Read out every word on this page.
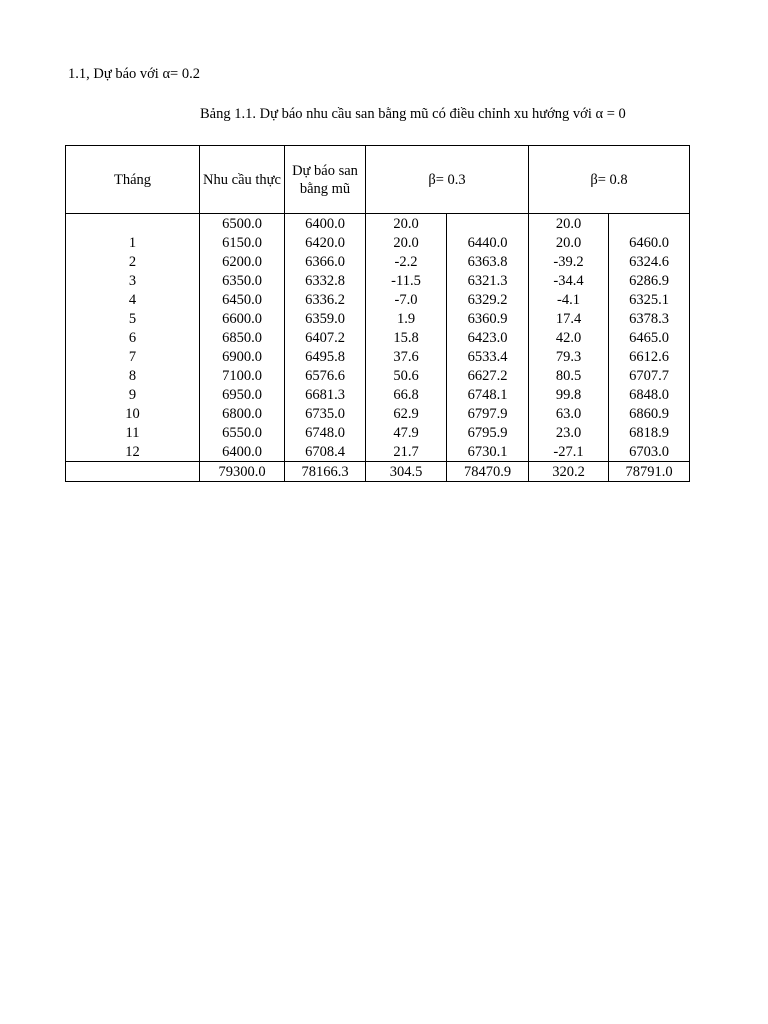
1.1, Dự báo với α= 0.2
Bảng 1.1. Dự báo nhu cầu san bằng mũ có điều chỉnh xu hướng với α = 0
Tháng	Nhu cầu thực	Dự báo san bằng mũ	β= 0.3		β= 0.8	
	6500.0	6400.0	20.0		20.0	
1	6150.0	6420.0	20.0	6440.0	20.0	6460.0
2	6200.0	6366.0	-2.2	6363.8	-39.2	6324.6
3	6350.0	6332.8	-11.5	6321.3	-34.4	6286.9
4	6450.0	6336.2	-7.0	6329.2	-4.1	6325.1
5	6600.0	6359.0	1.9	6360.9	17.4	6378.3
6	6850.0	6407.2	15.8	6423.0	42.0	6465.0
7	6900.0	6495.8	37.6	6533.4	79.3	6612.6
8	7100.0	6576.6	50.6	6627.2	80.5	6707.7
9	6950.0	6681.3	66.8	6748.1	99.8	6848.0
10	6800.0	6735.0	62.9	6797.9	63.0	6860.9
11	6550.0	6748.0	47.9	6795.9	23.0	6818.9
12	6400.0	6708.4	21.7	6730.1	-27.1	6703.0
	79300.0	78166.3	304.5	78470.9	320.2	78791.0
